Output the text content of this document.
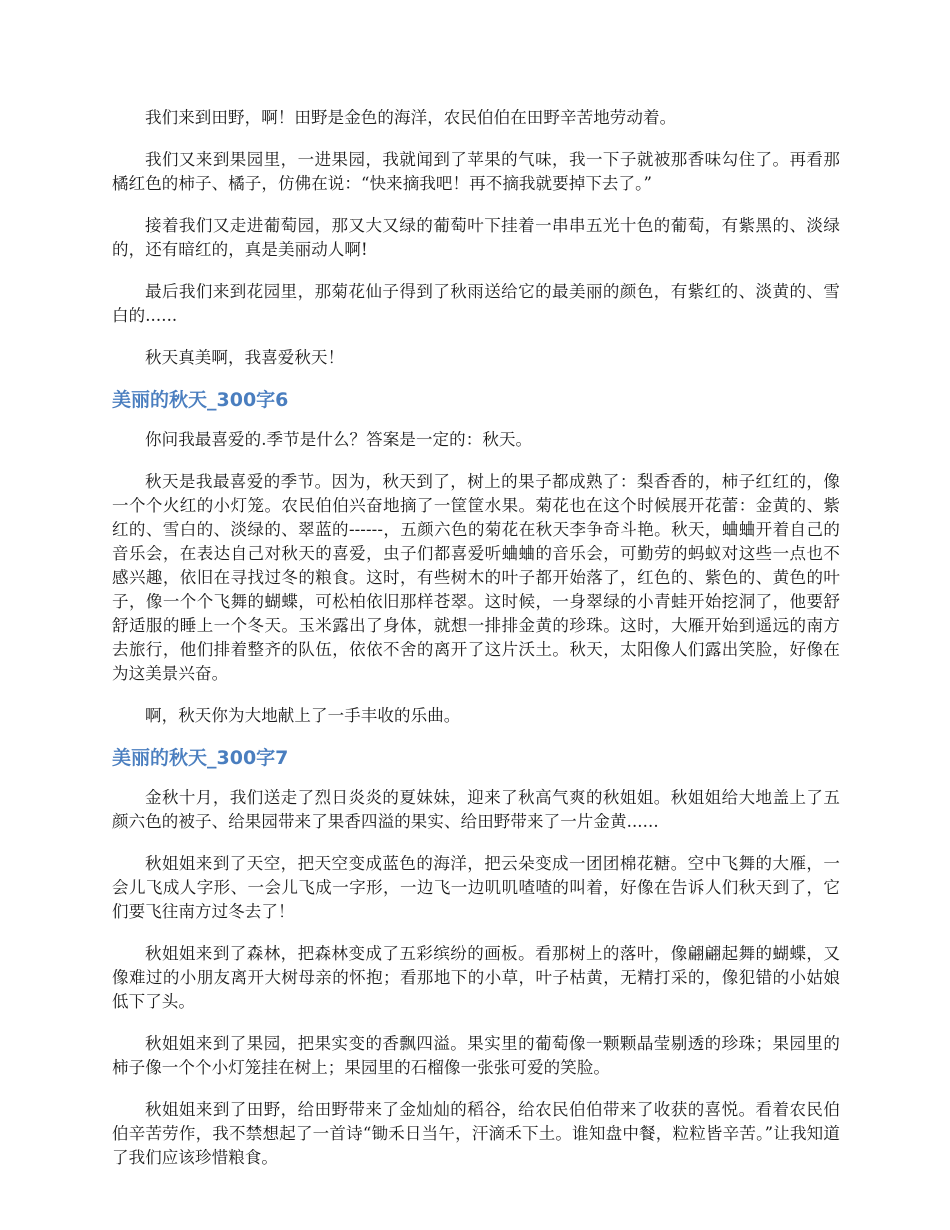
我们来到田野，啊！田野是金色的海洋，农民伯伯在田野辛苦地劳动着。

我们又来到果园里，一进果园，我就闻到了苹果的气味，我一下子就被那香味勾住了。再看那橘红色的柿子、橘子，仿佛在说：“快来摘我吧！再不摘我就要掉下去了。”

接着我们又走进葡萄园，那又大又绿的葡萄叶下挂着一串串五光十色的葡萄，有紫黑的、淡绿的，还有暗红的，真是美丽动人啊!

最后我们来到花园里，那菊花仙子得到了秋雨送给它的最美丽的颜色，有紫红的、淡黄的、雪白的......

秋天真美啊，我喜爱秋天！

美丽的秋天_300字6

你问我最喜爱的.季节是什么？答案是一定的：秋天。

秋天是我最喜爱的季节。因为，秋天到了，树上的果子都成熟了：梨香香的，柿子红红的，像一个个火红的小灯笼。农民伯伯兴奋地摘了一筐筐水果。菊花也在这个时候展开花蕾：金黄的、紫红的、雪白的、淡绿的、翠蓝的------，五颜六色的菊花在秋天李争奇斗艳。秋天，蛐蛐开着自己的音乐会，在表达自己对秋天的喜爱，虫子们都喜爱听蛐蛐的音乐会，可勤劳的蚂蚁对这些一点也不感兴趣，依旧在寻找过冬的粮食。这时，有些树木的叶子都开始落了，红色的、紫色的、黄色的叶子，像一个个飞舞的蝴蝶，可松柏依旧那样苍翠。这时候，一身翠绿的小青蛙开始挖洞了，他要舒舒适服的睡上一个冬天。玉米露出了身体，就想一排排金黄的珍珠。这时，大雁开始到遥远的南方去旅行，他们排着整齐的队伍，依依不舍的离开了这片沃土。秋天，太阳像人们露出笑脸，好像在为这美景兴奋。

啊，秋天你为大地献上了一手丰收的乐曲。

美丽的秋天_300字7

金秋十月，我们送走了烈日炎炎的夏妹妹，迎来了秋高气爽的秋姐姐。秋姐姐给大地盖上了五颜六色的被子、给果园带来了果香四溢的果实、给田野带来了一片金黄......

秋姐姐来到了天空，把天空变成蓝色的海洋，把云朵变成一团团棉花糖。空中飞舞的大雁，一会儿飞成人字形、一会儿飞成一字形，一边飞一边叽叽喳喳的叫着，好像在告诉人们秋天到了，它们要飞往南方过冬去了！

秋姐姐来到了森林，把森林变成了五彩缤纷的画板。看那树上的落叶，像翩翩起舞的蝴蝶，又像难过的小朋友离开大树母亲的怀抱；看那地下的小草，叶子枯黄，无精打采的，像犯错的小姑娘低下了头。

秋姐姐来到了果园，把果实变的香飘四溢。果实里的葡萄像一颗颗晶莹剔透的珍珠；果园里的柿子像一个个小灯笼挂在树上；果园里的石榴像一张张可爱的笑脸。

秋姐姐来到了田野，给田野带来了金灿灿的稻谷，给农民伯伯带来了收获的喜悦。看着农民伯伯辛苦劳作，我不禁想起了一首诗“锄禾日当午，汗滴禾下土。谁知盘中餐，粒粒皆辛苦。”让我知道了我们应该珍惜粮食。
